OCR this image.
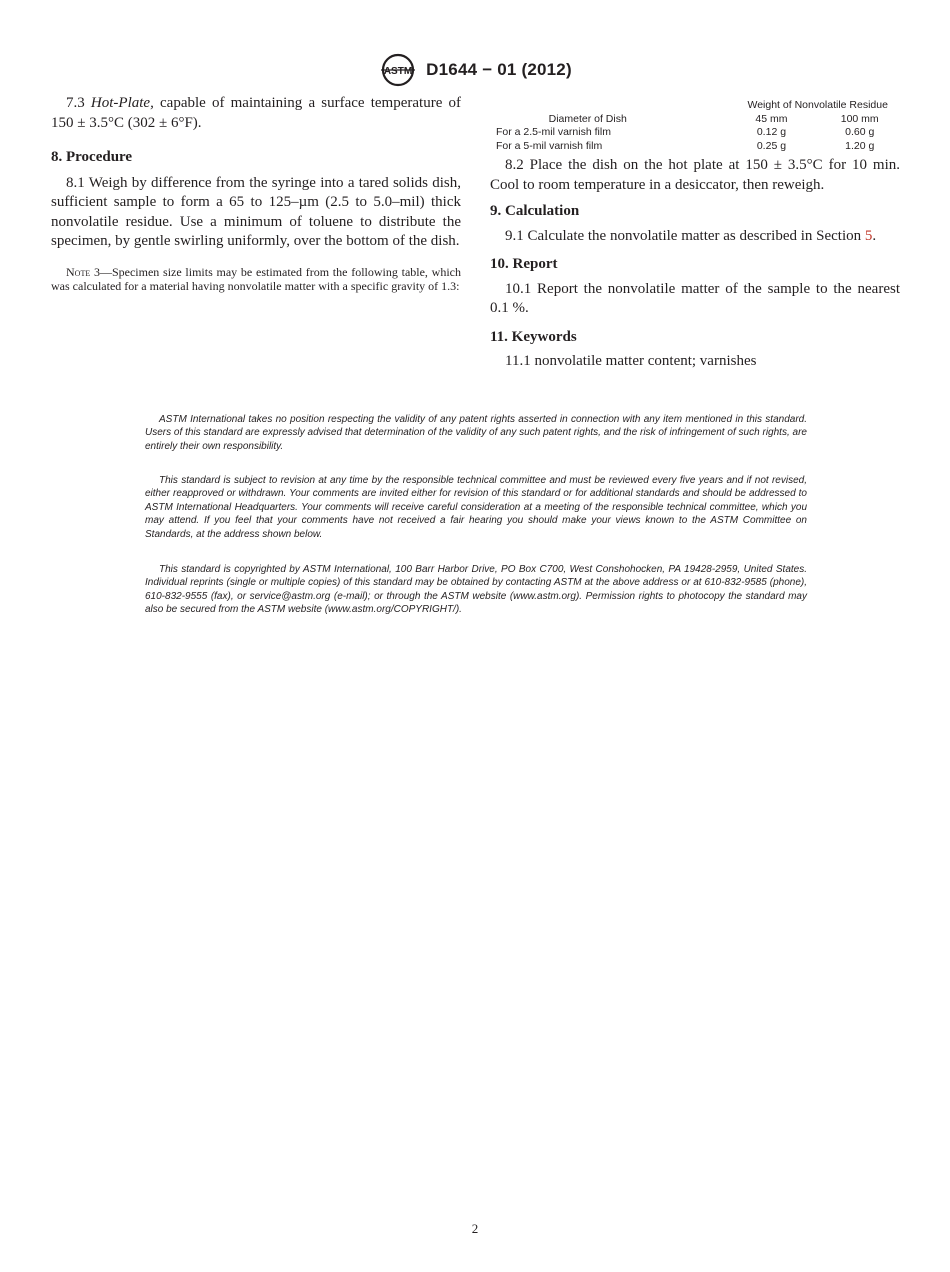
ASTM D1644 − 01 (2012)

7.3 Hot-Plate, capable of maintaining a surface temperature of 150 ± 3.5°C (302 ± 6°F).

8. Procedure

8.1 Weigh by difference from the syringe into a tared solids dish, sufficient sample to form a 65 to 125–µm (2.5 to 5.0–mil) thick nonvolatile residue. Use a minimum of toluene to distribute the specimen, by gentle swirling uniformly, over the bottom of the dish.

Note 3—Specimen size limits may be estimated from the following table, which was calculated for a material having nonvolatile matter with a specific gravity of 1.3:

	Weight of Nonvolatile Residue	
Diameter of Dish	45 mm	100 mm
For a 2.5-mil varnish film	0.12 g	0.60 g
For a 5-mil varnish film	0.25 g	1.20 g

8.2 Place the dish on the hot plate at 150 ± 3.5°C for 10 min. Cool to room temperature in a desiccator, then reweigh.

9. Calculation

9.1 Calculate the nonvolatile matter as described in Section 5.

10. Report

10.1 Report the nonvolatile matter of the sample to the nearest 0.1 %.

11. Keywords

11.1 nonvolatile matter content; varnishes

ASTM International takes no position respecting the validity of any patent rights asserted in connection with any item mentioned in this standard. Users of this standard are expressly advised that determination of the validity of any such patent rights, and the risk of infringement of such rights, are entirely their own responsibility.

This standard is subject to revision at any time by the responsible technical committee and must be reviewed every five years and if not revised, either reapproved or withdrawn. Your comments are invited either for revision of this standard or for additional standards and should be addressed to ASTM International Headquarters. Your comments will receive careful consideration at a meeting of the responsible technical committee, which you may attend. If you feel that your comments have not received a fair hearing you should make your views known to the ASTM Committee on Standards, at the address shown below.

This standard is copyrighted by ASTM International, 100 Barr Harbor Drive, PO Box C700, West Conshohocken, PA 19428-2959, United States. Individual reprints (single or multiple copies) of this standard may be obtained by contacting ASTM at the above address or at 610-832-9585 (phone), 610-832-9555 (fax), or service@astm.org (e-mail); or through the ASTM website (www.astm.org). Permission rights to photocopy the standard may also be secured from the ASTM website (www.astm.org/COPYRIGHT/).

2
